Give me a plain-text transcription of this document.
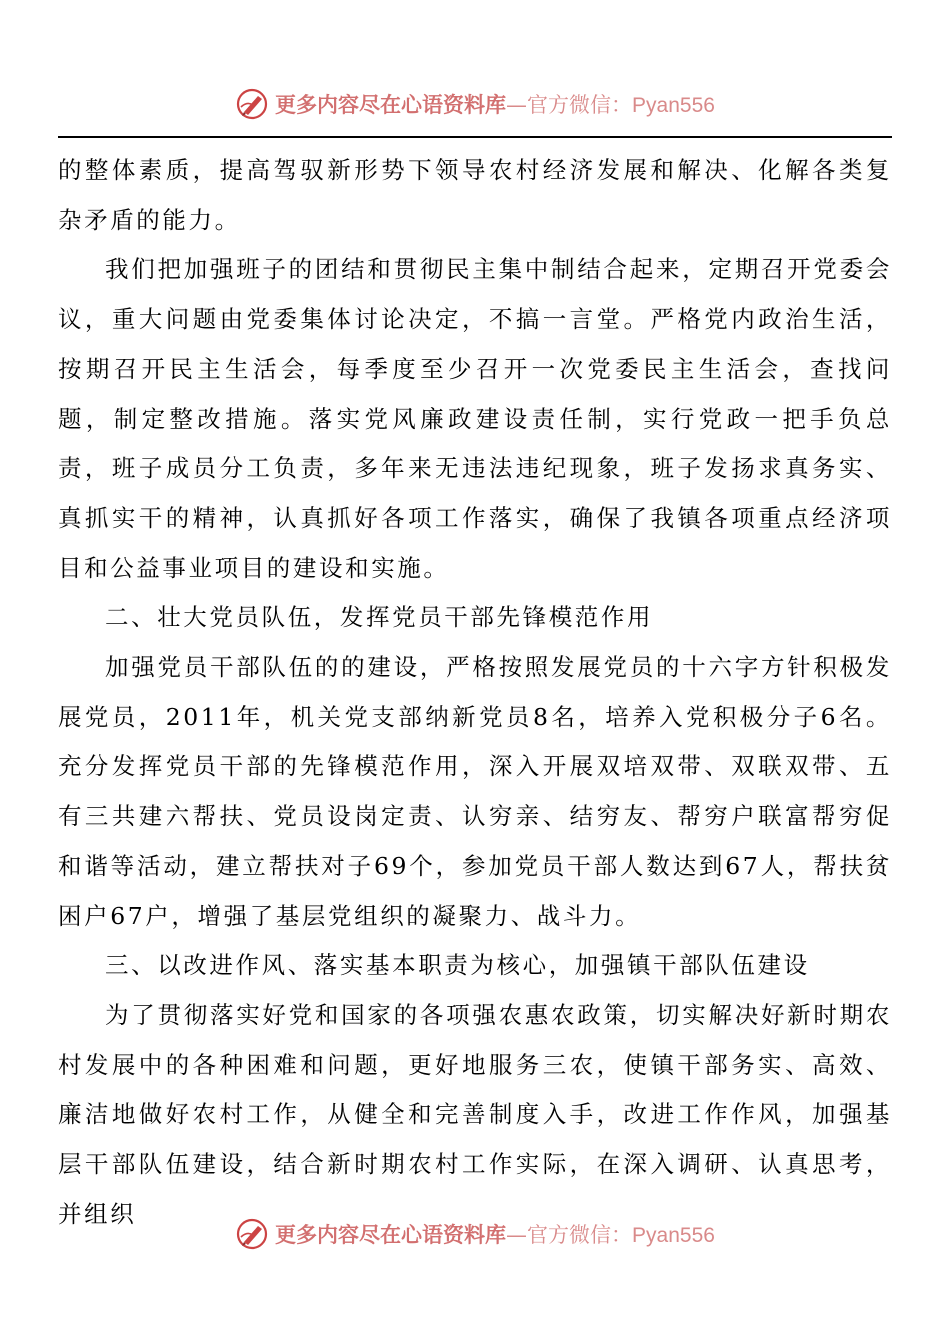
更多内容尽在心语资料库—官方微信：Pyan556

的整体素质，提高驾驭新形势下领导农村经济发展和解决、化解各类复杂矛盾的能力。

我们把加强班子的团结和贯彻民主集中制结合起来，定期召开党委会议，重大问题由党委集体讨论决定，不搞一言堂。严格党内政治生活，按期召开民主生活会，每季度至少召开一次党委民主生活会，查找问题，制定整改措施。落实党风廉政建设责任制，实行党政一把手负总责，班子成员分工负责，多年来无违法违纪现象，班子发扬求真务实、真抓实干的精神，认真抓好各项工作落实，确保了我镇各项重点经济项目和公益事业项目的建设和实施。

二、壮大党员队伍，发挥党员干部先锋模范作用

加强党员干部队伍的的建设，严格按照发展党员的十六字方针积极发展党员，2011年，机关党支部纳新党员8名，培养入党积极分子6名。充分发挥党员干部的先锋模范作用，深入开展双培双带、双联双带、五有三共建六帮扶、党员设岗定责、认穷亲、结穷友、帮穷户联富帮穷促和谐等活动，建立帮扶对子69个，参加党员干部人数达到67人，帮扶贫困户67户，增强了基层党组织的凝聚力、战斗力。

三、以改进作风、落实基本职责为核心，加强镇干部队伍建设

为了贯彻落实好党和国家的各项强农惠农政策，切实解决好新时期农村发展中的各种困难和问题，更好地服务三农，使镇干部务实、高效、廉洁地做好农村工作，从健全和完善制度入手，改进工作作风，加强基层干部队伍建设，结合新时期农村工作实际，在深入调研、认真思考，并组织

更多内容尽在心语资料库—官方微信：Pyan556
